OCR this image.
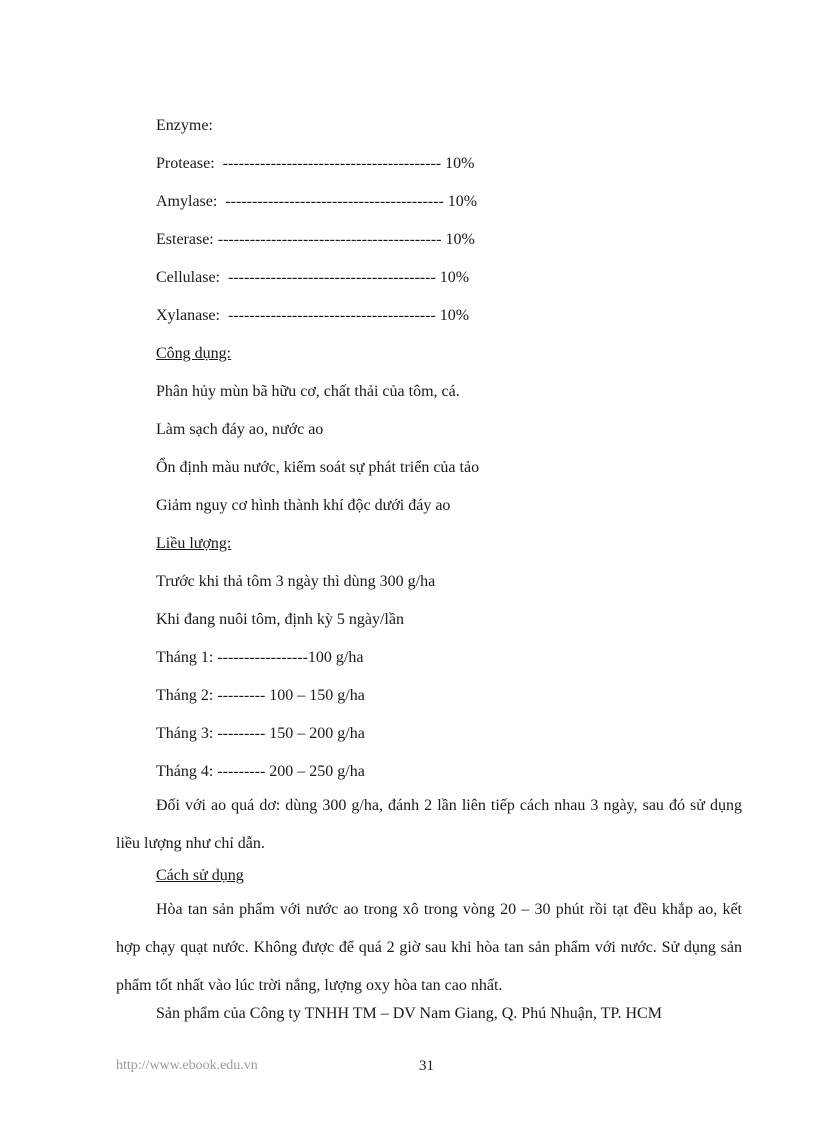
Enzyme:
Protease:  ----------------------------------------- 10%
Amylase:  ----------------------------------------- 10%
Esterase: ------------------------------------------ 10%
Cellulase:  --------------------------------------- 10%
Xylanase:  --------------------------------------- 10%
Công dụng:
Phân hủy mùn bã hữu cơ, chất thải của tôm, cá.
Làm sạch đáy ao, nước ao
Ổn định màu nước, kiểm soát sự phát triển của tảo
Giảm nguy cơ hình thành khí độc dưới đáy ao
Liều lượng:
Trước khi thả tôm 3 ngày thì dùng 300 g/ha
Khi đang nuôi tôm, định kỳ 5 ngày/lần
Tháng 1: -----------------100 g/ha
Tháng 2: --------- 100 – 150 g/ha
Tháng 3: --------- 150 – 200 g/ha
Tháng 4: --------- 200 – 250 g/ha
Đối với ao quá dơ: dùng 300 g/ha, đánh 2 lần liên tiếp cách nhau 3 ngày, sau đó sử dụng liều lượng như chỉ dẫn.
Cách sử dụng
Hòa tan sản phẩm với nước ao trong xô trong vòng 20 – 30 phút rồi tạt đều khắp ao, kết hợp chạy quạt nước. Không được để quá 2 giờ sau khi hòa tan sản phẩm với nước. Sử dụng sản phẩm tốt nhất vào lúc trời nắng, lượng oxy hòa tan cao nhất.
Sản phẩm của Công ty TNHH TM – DV Nam Giang, Q. Phú Nhuận, TP. HCM
http://www.ebook.edu.vn	31
